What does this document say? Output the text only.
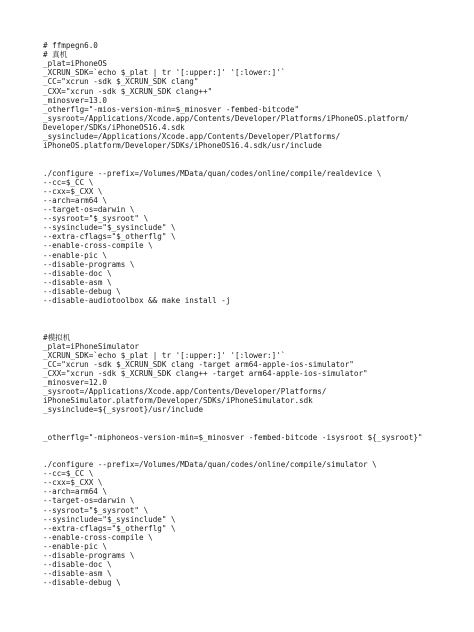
# ffmpegn6.0
# 真机
_plat=iPhoneOS
_XCRUN_SDK=`echo $_plat | tr '[:upper:]' '[:lower:]'`
_CC="xcrun -sdk $_XCRUN_SDK clang"
_CXX="xcrun -sdk $_XCRUN_SDK clang++"
_minosver=13.0
_otherflg="-mios-version-min=$_minosver -fembed-bitcode"
_sysroot=/Applications/Xcode.app/Contents/Developer/Platforms/iPhoneOS.platform/
Developer/SDKs/iPhoneOS16.4.sdk
_sysinclude=/Applications/Xcode.app/Contents/Developer/Platforms/
iPhoneOS.platform/Developer/SDKs/iPhoneOS16.4.sdk/usr/include
./configure --prefix=/Volumes/MData/quan/codes/online/compile/realdevice \
--cc=$_CC \
--cxx=$_CXX \
--arch=arm64 \
--target-os=darwin \
--sysroot="$_sysroot" \
--sysinclude="$_sysinclude" \
--extra-cflags="$_otherflg" \
--enable-cross-compile \
--enable-pic \
--disable-programs \
--disable-doc \
--disable-asm \
--disable-debug \
--disable-audiotoolbox && make install -j
#模拟机
_plat=iPhoneSimulator
_XCRUN_SDK=`echo $_plat | tr '[:upper:]' '[:lower:]'`
_CC="xcrun -sdk $_XCRUN_SDK clang -target arm64-apple-ios-simulator"
_CXX="xcrun -sdk $_XCRUN_SDK clang++ -target arm64-apple-ios-simulator"
_minosver=12.0
_sysroot=/Applications/Xcode.app/Contents/Developer/Platforms/
iPhoneSimulator.platform/Developer/SDKs/iPhoneSimulator.sdk
_sysinclude=${_sysroot}/usr/include
_otherflg="-miphoneos-version-min=$_minosver -fembed-bitcode -isysroot ${_sysroot}"
./configure --prefix=/Volumes/MData/quan/codes/online/compile/simulator \
--cc=$_CC \
--cxx=$_CXX \
--arch=arm64 \
--target-os=darwin \
--sysroot="$_sysroot" \
--sysinclude="$_sysinclude" \
--extra-cflags="$_otherflg" \
--enable-cross-compile \
--enable-pic \
--disable-programs \
--disable-doc \
--disable-asm \
--disable-debug \
